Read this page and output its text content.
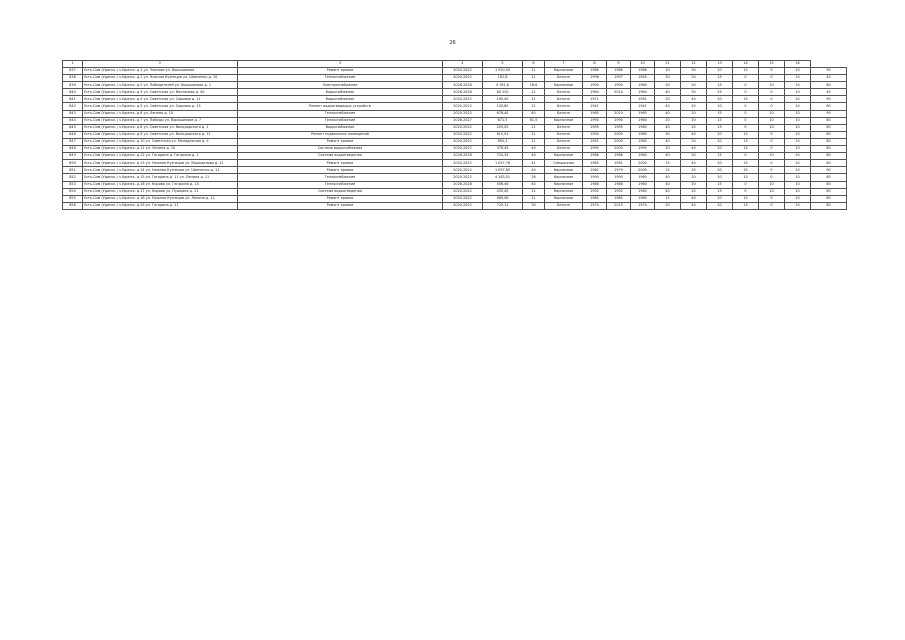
26
1	2	3	4	5	6	7	8	9	10	11	12	13	14	15	16	
837	Усть-Сим (Удинск.) з-Удинск. д.1 ул. Чкалова ул. Ворошилова	Ремонт кровли	2020-2022	1 920,50	21	Кирпичное	1986	1986	1968	10	30	20	15	0	10	90
838	Усть-Сим (Удинск.) з-Удинск. д.1 ул. Нижняя Кузнецов ул. Шевченко д. 10	Теплоснабжение	2020-2022	182,8	21	Бетонн	1996	1997	1945	50	20	15	0	0	10	45
839	Усть-Сим (Удинск.) з-Удинск. д.2 ул. Победителей ул. Ворошилова д. 1	Электроснабжение	2026-2028	4 781,6	16,6	Кирпичное	1990	1990	1960	20	20	15	0	10	10	80
840	Усть-Сим (Удинск.) з-Удинск. д.3 ул. Советская ул. Вахтанова д. 40	Водоснабжение	2026-2028	60 120	21	Бетонн	1964	2014	1964	40	30	25	0	0	10	45
841	Усть-Сим (Удинск.) з-Удинск. д.4 ул. Советская ул. Садовая д. 11	Водоснабжение	2020-2022	190,40	21	Бетонн	1971		1991	20	40	20	15	0	10	90
842	Усть-Сим (Удинск.) з-Удинск. д.5 ул. Советская ул. Садовая д. 15	Ремонт водоотводящих устройств	2020-2022	130,80	21	Бетонн	1941		1941	40	20	10	0	0	10	80
843	Усть-Сим (Удинск.) з-Удинск. д.6 ул. Ленина д. 10	Теплоснабжение	2020-2022	678,40	40	Бетонн	1965	2010	1965	40	20	15	0	10	10	95
844	Усть-Сим (Удинск.) з-Удинск. д.7 ул. Победы ул. Ворошилова д. 7	Теплоснабжение	2026-2027	671,5	61,5	Кирпичное	1990	1990	1960	20	20	15	0	10	10	80
845	Усть-Сим (Удинск.) з-Удинск. д.8 ул. Советская ул. Володарского д. 1	Водоснабжение	2020-2022	203,02	21	Бетонн	1995	1995	1960	40	20	15	0	10	10	80
846	Усть-Сим (Удинск.) з-Удинск. д.9 ул. Советская ул. Володарского д. 11	Ремонт подвальных помещений	2020-2022	810,03	21	Бетонн	1954	2005	1960	30	40	20	15	0	10	80
847	Усть-Сим (Удинск.) з-Удинск. д.10 ул. Советская ул. Молодежная д. 4	Ремонт кровли	2020-2022	890,3	21	Бетонн	1991	2009	1960	40	20	20	15	0	10	80
848	Усть-Сим (Удинск.) з-Удинск. д.11 ул. Ленина д. 10	Система водоснабжения	2020-2022	378,45	40	Бетонн	1995	2003	1995	20	40	20	15	0	10	80
849	Усть-Сим (Удинск.) з-Удинск. д.12 ул. Гагарина д. Гагарина д. 1	Система водоотведения	2026-2028	724,34	40	Кирпичное	1986	1986	1960	40	20	15	0	10	10	80
850	Усть-Сим (Удинск.) з-Удинск. д.13 ул. Нижняя Кузнецов ул. Ворошилова д. 11	Ремонт кровли	2020-2022	1 057,76	41	Смешанная	1965	1991	2000	15	40	20	15	0	10	80
851	Усть-Сим (Удинск.) з-Удинск. д.14 ул. Нижняя Кузнецов ул. Шевченко д. 11	Ремонт кровли	2020-2022	1 097,85	40	Кирпичное	1962	1979	2009	15	30	20	15	0	10	90
852	Усть-Сим (Удинск.) з-Удинск. д.15 ул. Гагарина д. 11 ул. Ленина д. 11	Теплоснабжение	2020-2022	4 183,51	26	Кирпичное	1990	1990	1960	40	20	20	15	0	10	80
853	Усть-Сим (Удинск.) з-Удинск. д.16 ул. Кирова ул. Гагарина д. 14	Теплоснабжение	2026-2028	506,46	40	Кирпичное	1986	1986	1960	40	20	15	0	10	10	80
854	Усть-Сим (Удинск.) з-Удинск. д.17 ул. Кирова ул. Пушкина д. 11	Система водоотведения	2020-2022	435,40	21	Кирпичное	1992	1992	1960	40	20	15	0	10	10	80
855	Усть-Сим (Удинск.) з-Удинск. д.18 ул. Нижняя Кузнецов ул. Ленина д. 11	Ремонт кровли	2020-2022	469,06	21	Кирпичное	1985	1985	1960	15	40	20	15	0	10	80
856	Усть-Сим (Удинск.) з-Удинск. д.19 ул. Гагарина д. 11	Ремонт кровли	2020-2022	729,11	30	Бетонн	1974	2015	1974	20	40	20	15	0	10	80
